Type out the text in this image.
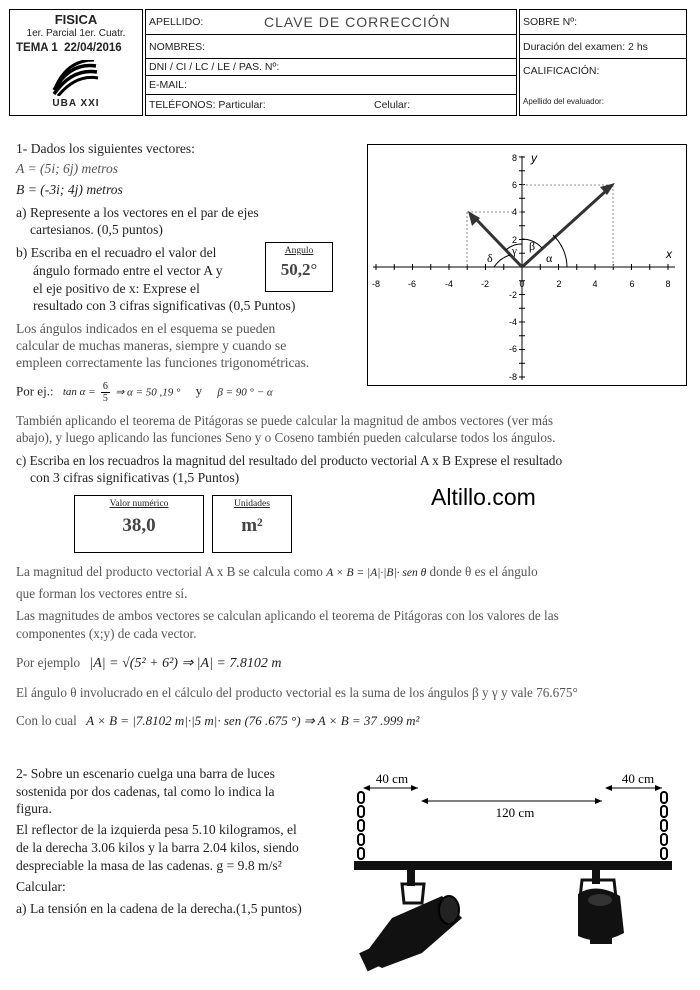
FISICA
1er. Parcial 1er. Cuatr.
TEMA 1 22/04/2016
UBA XXI
APELLIDO:	CLAVE DE CORRECCIÓN
NOMBRES:
DNI / CI / LC / LE / PAS. Nº:
E-MAIL:
TELÉFONOS: Particular:	Celular:
SOBRE Nº:
Duración del examen: 2 hs
CALIFICACIÓN:
Apellido del evaluador:
1- Dados los siguientes vectores:
A = (5i; 6j) metros
B = (-3i; 4j) metros
a) Represente a los vectores en el par de ejes
cartesianos. (0,5 puntos)
b) Escriba en el recuadro el valor del
ángulo formado entre el vector A y
el eje positivo de x: Exprese el
resultado con 3 cifras significativas (0,5 Puntos)
Angulo
50,2°
Los ángulos indicados en el esquema se pueden
calcular de muchas maneras, siempre y cuando se
empleen correctamente las funciones trigonométricas.
Por ej.: $\tan \alpha = \frac{6}{5}$ ⇒ α = 50 ,19 ° y β = 90 ° − α
También aplicando el teorema de Pitágoras se puede calcular la magnitud de ambos vectores (ver más
abajo), y luego aplicando las funciones Seno y o Coseno también pueden calcularse todos los ángulos.
c) Escriba en los recuadros la magnitud del resultado del producto vectorial A x B Exprese el resultado
con 3 cifras significativas (1,5 Puntos)
Valor numérico
38,0
Unidades
m²
Altillo.com
La magnitud del producto vectorial A x B se calcula como A × B = |A|·|B|· sen θ donde θ es el ángulo
que forman los vectores entre sí.
Las magnitudes de ambos vectores se calculan aplicando el teorema de Pitágoras con los valores de las
componentes (x;y) de cada vector.
Por ejemplo |A| = √(5² + 6²) ⇒ |A| = 7.8102 m
El ángulo θ involucrado en el cálculo del producto vectorial es la suma de los ángulos β y γ y vale 76.675°
Con lo cual A × B = |7.8102 m|·|5 m|· sen (76 .675 °) ⇒ A × B = 37 .999 m²
-8	-6	-4	-2	0	2	4	6	8
8
6
4
2
-2
-4
-6
-8
y
x
α
β
γ
δ
2- Sobre un escenario cuelga una barra de luces
sostenida por dos cadenas, tal como lo indica la
figura.
El reflector de la izquierda pesa 5.10 kilogramos, el
de la derecha 3.06 kilos y la barra 2.04 kilos, siendo
despreciable la masa de las cadenas. g = 9.8 m/s²
Calcular:
a) La tensión en la cadena de la derecha.(1,5 puntos)
40 cm
120 cm
40 cm
